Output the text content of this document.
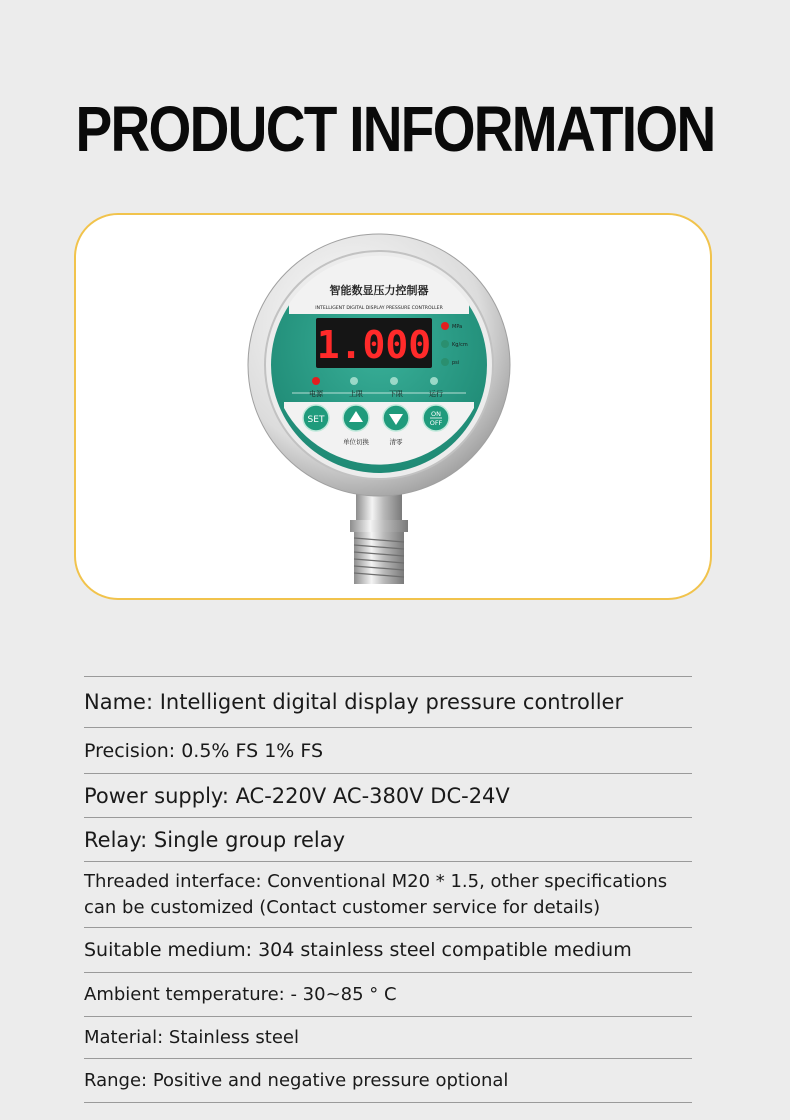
PRODUCT INFORMATION
智能数显压力控制器
INTELLIGENT DIGITAL DISPLAY PRESSURE CONTROLLER
1.000	MPa
Kg/cm
psi
电源	上限	下限	运行
SET
ON
OFF
单位切换	清零
Name: Intelligent digital display pressure controller
Precision: 0.5% FS 1% FS
Power supply: AC-220V AC-380V DC-24V
Relay: Single group relay
Threaded interface: Conventional M20 * 1.5, other specifications can be customized (Contact customer service for details)
Suitable medium: 304 stainless steel compatible medium
Ambient temperature: - 30~85 ° C
Material: Stainless steel
Range: Positive and negative pressure optional
